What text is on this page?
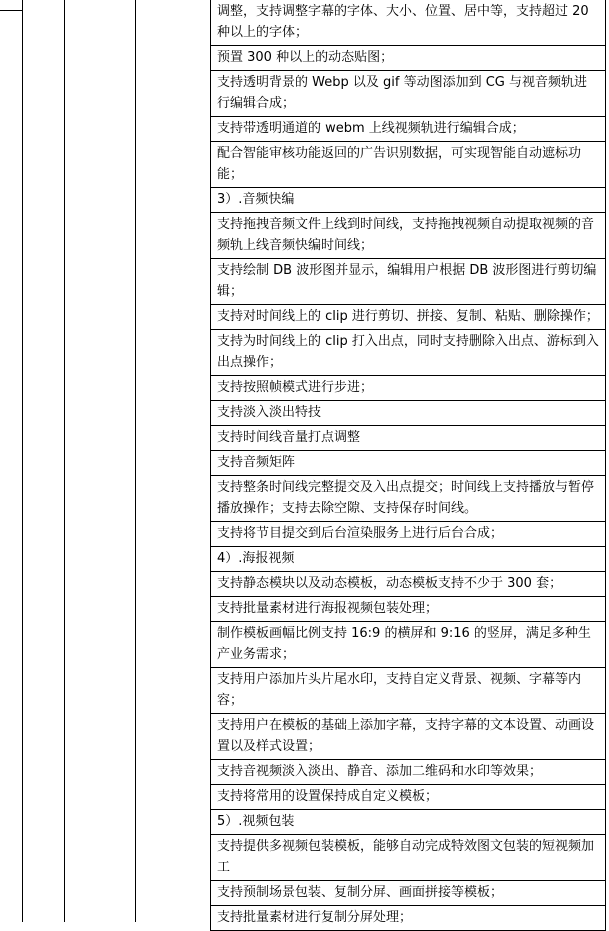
调整，支持调整字幕的字体、大小、位置、居中等，支持超过 20 种以上的字体；
预置 300 种以上的动态贴图；
支持透明背景的 Webp 以及 gif 等动图添加到 CG 与视音频轨进行编辑合成；
支持带透明通道的 webm 上线视频轨进行编辑合成；
配合智能审核功能返回的广告识别数据，可实现智能自动遮标功能；
3）.音频快编
支持拖拽音频文件上线到时间线，支持拖拽视频自动提取视频的音频轨上线音频快编时间线；
支持绘制 DB 波形图并显示，编辑用户根据 DB 波形图进行剪切编辑；
支持对时间线上的 clip 进行剪切、拼接、复制、粘贴、删除操作；
支持为时间线上的 clip 打入出点，同时支持删除入出点、游标到入出点操作；
支持按照帧模式进行步进；
支持淡入淡出特技
支持时间线音量打点调整
支持音频矩阵
支持整条时间线完整提交及入出点提交；时间线上支持播放与暂停播放操作；支持去除空隙、支持保存时间线。
支持将节目提交到后台渲染服务上进行后台合成；
4）.海报视频
支持静态模块以及动态模板，动态模板支持不少于 300 套；
支持批量素材进行海报视频包装处理；
制作模板画幅比例支持 16:9 的横屏和 9:16 的竖屏，满足多种生产业务需求；
支持用户添加片头片尾水印，支持自定义背景、视频、字幕等内容；
支持用户在模板的基础上添加字幕，支持字幕的文本设置、动画设置以及样式设置；
支持音视频淡入淡出、静音、添加二维码和水印等效果；
支持将常用的设置保持成自定义模板；
5）.视频包装
支持提供多视频包装模板，能够自动完成特效图文包装的短视频加工
支持预制场景包装、复制分屏、画面拼接等模板；
支持批量素材进行复制分屏处理；
